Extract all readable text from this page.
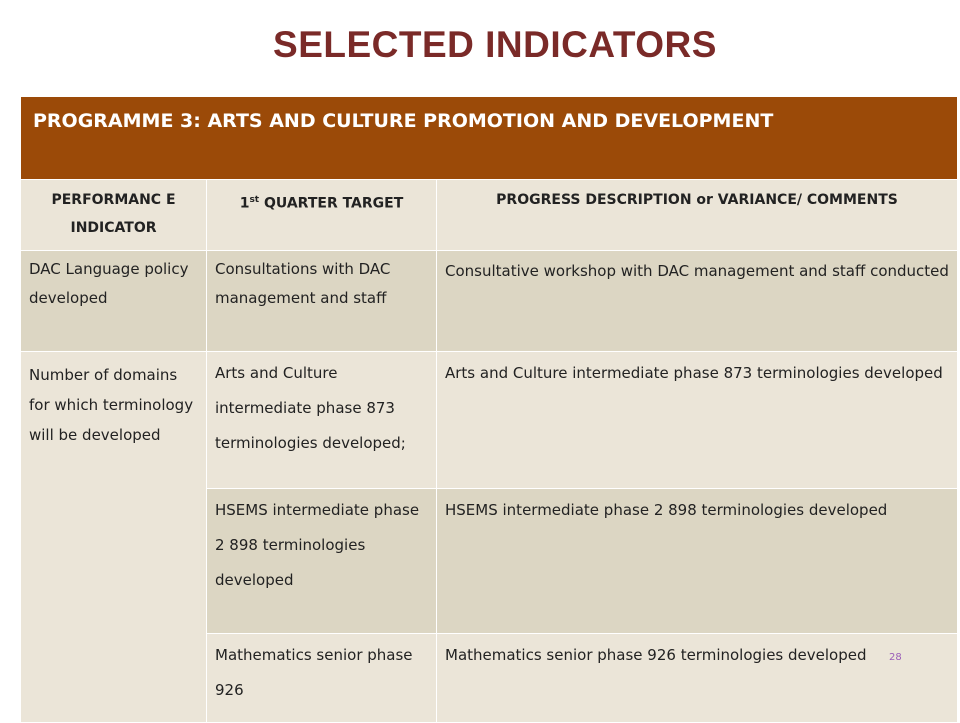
SELECTED INDICATORS
PROGRAMME 3: ARTS AND CULTURE PROMOTION AND DEVELOPMENT		
PERFORMANC E INDICATOR	1st QUARTER TARGET	PROGRESS DESCRIPTION or VARIANCE/ COMMENTS
DAC Language policy developed	Consultations with DAC management and staff	Consultative workshop with DAC management and staff conducted
Number of domains for which terminology will be developed	Arts and Culture intermediate phase 873 terminologies developed;	Arts and Culture intermediate phase 873 terminologies developed
	HSEMS intermediate phase 2 898 terminologies developed	HSEMS intermediate phase 2 898 terminologies developed
	Mathematics senior phase 926	Mathematics senior phase 926 terminologies developed 28
